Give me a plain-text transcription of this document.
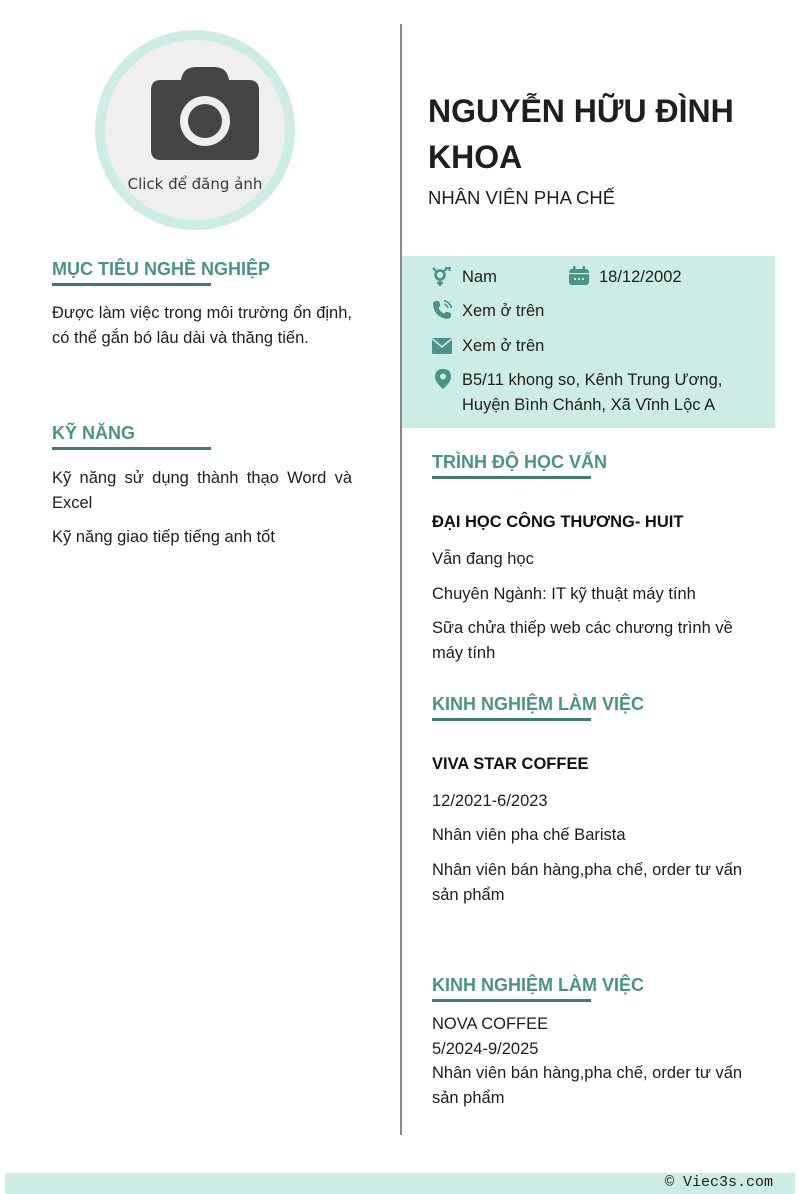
Click để đăng ảnh
MỤC TIÊU NGHỀ NGHIỆP
Được làm việc trong môi trường ổn định, có thể gắn bó lâu dài và thăng tiến.
KỸ NĂNG
Kỹ năng sử dụng thành thạo Word và Excel
Kỹ năng giao tiếp tiếng anh tốt
NGUYỄN HỮU ĐÌNH KHOA
NHÂN VIÊN PHA CHẾ
Nam	18/12/2002
Xem ở trên
Xem ở trên
B5/11 khong so, Kênh Trung Ương,
Huyện Bình Chánh, Xã Vĩnh Lộc A
TRÌNH ĐỘ HỌC VẤN
ĐẠI HỌC CÔNG THƯƠNG- HUIT
Vẫn đang học
Chuyên Ngành: IT kỹ thuật máy tính
Sữa chửa thiếp web các chương trình về
máy tính
KINH NGHIỆM LÀM VIỆC
VIVA STAR COFFEE
12/2021-6/2023
Nhân viên pha chế Barista
Nhân viên bán hàng,pha chế, order tư vấn
sản phẩm
KINH NGHIỆM LÀM VIỆC
NOVA COFFEE
5/2024-9/2025
Nhân viên bán hàng,pha chế, order tư vấn
sản phẩm
© Viec3s.com
